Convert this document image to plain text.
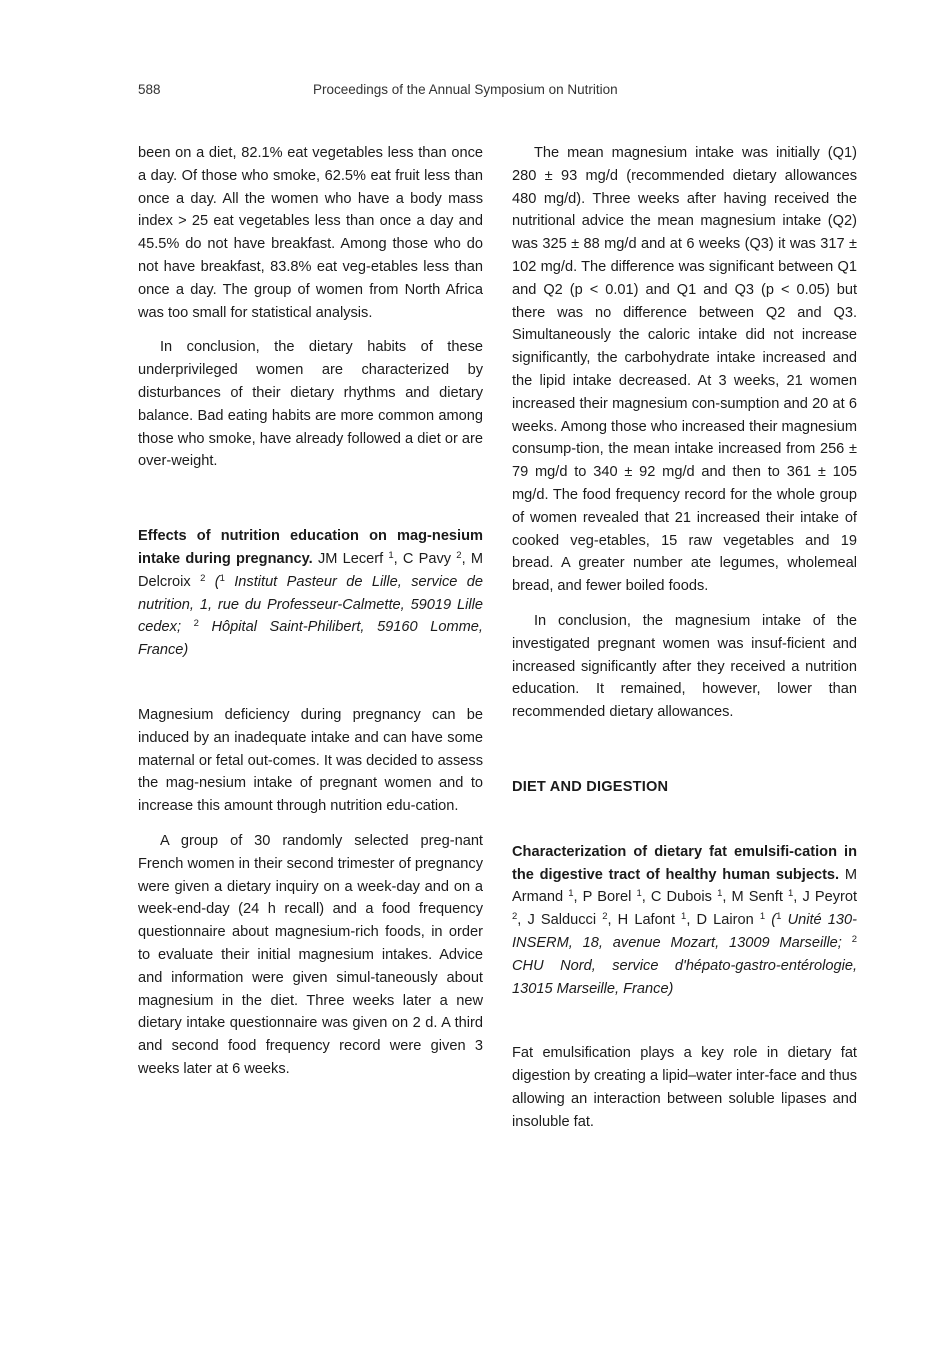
588	Proceedings of the Annual Symposium on Nutrition

been on a diet, 82.1% eat vegetables less than once a day. Of those who smoke, 62.5% eat fruit less than once a day. All the women who have a body mass index > 25 eat vegetables less than once a day and 45.5% do not have breakfast. Among those who do not have breakfast, 83.8% eat veg-etables less than once a day. The group of women from North Africa was too small for statistical analysis.

In conclusion, the dietary habits of these underprivileged women are characterized by disturbances of their dietary rhythms and dietary balance. Bad eating habits are more common among those who smoke, have already followed a diet or are over-weight.

Effects of nutrition education on mag-nesium intake during pregnancy. JM Lecerf $^1$, C Pavy $^2$, M Delcroix $^2$ ($^1$ Institut Pasteur de Lille, service de nutrition, 1, rue du Professeur-Calmette, 59019 Lille cedex; $^2$ Hôpital Saint-Philibert, 59160 Lomme, France)

Magnesium deficiency during pregnancy can be induced by an inadequate intake and can have some maternal or fetal out-comes. It was decided to assess the mag-nesium intake of pregnant women and to increase this amount through nutrition edu-cation.

A group of 30 randomly selected preg-nant French women in their second trimester of pregnancy were given a dietary inquiry on a week-day and on a week-end-day (24 h recall) and a food frequency questionnaire about magnesium-rich foods, in order to evaluate their initial magnesium intakes. Advice and information were given simul-taneously about magnesium in the diet. Three weeks later a new dietary intake questionnaire was given on 2 d. A third and second food frequency record were given 3 weeks later at 6 weeks.

The mean magnesium intake was initially (Q1) 280 ± 93 mg/d (recommended dietary allowances 480 mg/d). Three weeks after having received the nutritional advice the mean magnesium intake (Q2) was 325 ± 88 mg/d and at 6 weeks (Q3) it was 317 ± 102 mg/d. The difference was significant between Q1 and Q2 (p < 0.01) and Q1 and Q3 (p < 0.05) but there was no difference between Q2 and Q3. Simultaneously the caloric intake did not increase significantly, the carbohydrate intake increased and the lipid intake decreased. At 3 weeks, 21 women increased their magnesium con-sumption and 20 at 6 weeks. Among those who increased their magnesium consump-tion, the mean intake increased from 256 ± 79 mg/d to 340 ± 92 mg/d and then to 361 ± 105 mg/d. The food frequency record for the whole group of women revealed that 21 increased their intake of cooked veg-etables, 15 raw vegetables and 19 bread. A greater number ate legumes, wholemeal bread, and fewer boiled foods.

In conclusion, the magnesium intake of the investigated pregnant women was insuf-ficient and increased significantly after they received a nutrition education. It remained, however, lower than recommended dietary allowances.

DIET AND DIGESTION

Characterization of dietary fat emulsifi-cation in the digestive tract of healthy human subjects. M Armand $^1$, P Borel $^1$, C Dubois $^1$, M Senft $^1$, J Peyrot $^2$, J Salducci $^2$, H Lafont $^1$, D Lairon $^1$ ($^1$ Unité 130-INSERM, 18, avenue Mozart, 13009 Marseille; $^2$ CHU Nord, service d'hépato-gastro-entérologie, 13015 Marseille, France)

Fat emulsification plays a key role in dietary fat digestion by creating a lipid–water inter-face and thus allowing an interaction between soluble lipases and insoluble fat.
